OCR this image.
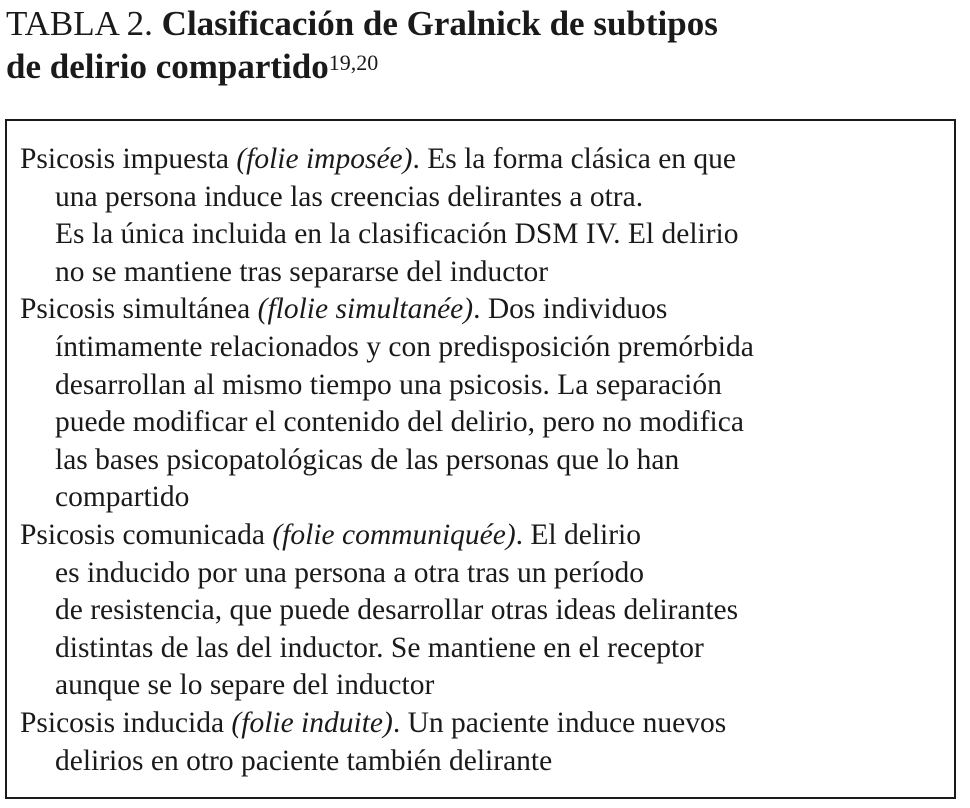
TABLA 2. Clasificación de Gralnick de subtipos
de delirio compartido$^{19,20}$
Psicosis impuesta (folie imposée). Es la forma clásica en que
una persona induce las creencias delirantes a otra.
Es la única incluida en la clasificación DSM IV. El delirio
no se mantiene tras separarse del inductor
Psicosis simultánea (flolie simultanée). Dos individuos
íntimamente relacionados y con predisposición premórbida
desarrollan al mismo tiempo una psicosis. La separación
puede modificar el contenido del delirio, pero no modifica
las bases psicopatológicas de las personas que lo han
compartido
Psicosis comunicada (folie communiquée). El delirio
es inducido por una persona a otra tras un período
de resistencia, que puede desarrollar otras ideas delirantes
distintas de las del inductor. Se mantiene en el receptor
aunque se lo separe del inductor
Psicosis inducida (folie induite). Un paciente induce nuevos
delirios en otro paciente también delirante
